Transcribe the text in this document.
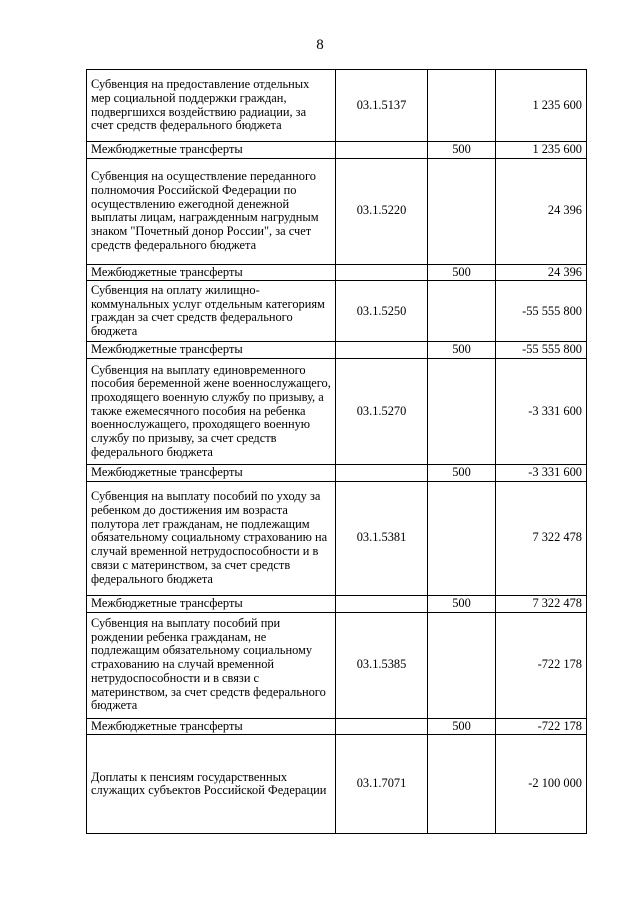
8
Субвенция на предоставление отдельных мер социальной поддержки граждан, подвергшихся воздействию радиации, за счет средств федерального бюджета	03.1.5137		1 235 600
Межбюджетные трансферты		500	1 235 600
Субвенция на осуществление переданного полномочия Российской Федерации по осуществлению ежегодной денежной выплаты лицам, награжденным нагрудным знаком "Почетный донор России", за счет средств федерального бюджета	03.1.5220		24 396
Межбюджетные трансферты		500	24 396
Субвенция на оплату жилищно-коммунальных услуг отдельным категориям граждан за счет средств федерального бюджета	03.1.5250		-55 555 800
Межбюджетные трансферты		500	-55 555 800
Субвенция на выплату единовременного пособия беременной жене военнослужащего, проходящего военную службу по призыву, а также ежемесячного пособия на ребенка военнослужащего, проходящего военную службу по призыву, за счет средств федерального бюджета	03.1.5270		-3 331 600
Межбюджетные трансферты		500	-3 331 600
Субвенция на выплату пособий по уходу за ребенком до достижения им возраста полутора лет гражданам, не подлежащим обязательному социальному страхованию на случай временной нетрудоспособности и в связи с материнством, за счет средств федерального бюджета	03.1.5381		7 322 478
Межбюджетные трансферты		500	7 322 478
Субвенция на выплату пособий при рождении ребенка гражданам, не подлежащим обязательному социальному страхованию на случай временной нетрудоспособности и в связи с материнством, за счет средств федерального бюджета	03.1.5385		-722 178
Межбюджетные трансферты		500	-722 178
Доплаты к пенсиям государственных служащих субъектов Российской Федерации	03.1.7071		-2 100 000
